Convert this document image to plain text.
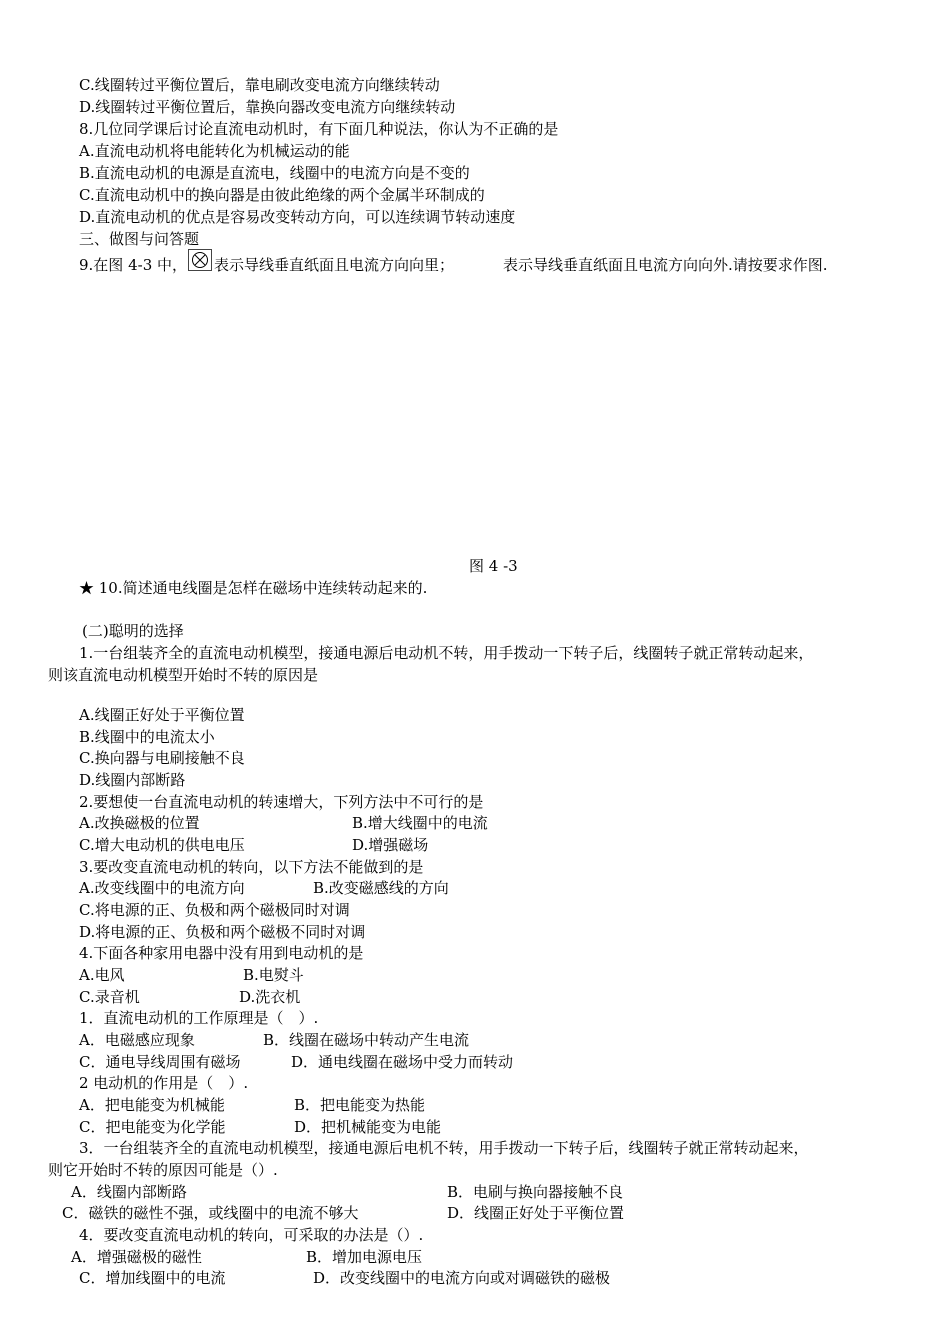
C.线圈转过平衡位置后，靠电刷改变电流方向继续转动
D.线圈转过平衡位置后，靠换向器改变电流方向继续转动
8.几位同学课后讨论直流电动机时，有下面几种说法，你认为不正确的是
A.直流电动机将电能转化为机械运动的能
B.直流电动机的电源是直流电，线圈中的电流方向是不变的
C.直流电动机中的换向器是由彼此绝缘的两个金属半环制成的
D.直流电动机的优点是容易改变转动方向，可以连续调节转动速度
三、做图与问答题
9.在图 4-3 中， 表示导线垂直纸面且电流方向向里；	表示导线垂直纸面且电流方向向外.请按要求作图.
图 4 -3
★ 10.简述通电线圈是怎样在磁场中连续转动起来的.
(二)聪明的选择
1.一台组装齐全的直流电动机模型，接通电源后电动机不转，用手拨动一下转子后，线圈转子就正常转动起来，
则该直流电动机模型开始时不转的原因是
A.线圈正好处于平衡位置
B.线圈中的电流太小
C.换向器与电刷接触不良
D.线圈内部断路
2.要想使一台直流电动机的转速增大，下列方法中不可行的是
A.改换磁极的位置	B.增大线圈中的电流
C.增大电动机的供电电压	D.增强磁场
3.要改变直流电动机的转向，以下方法不能做到的是
A.改变线圈中的电流方向	B.改变磁感线的方向
C.将电源的正、负极和两个磁极同时对调
D.将电源的正、负极和两个磁极不同时对调
4.下面各种家用电器中没有用到电动机的是
A.电风	B.电熨斗
C.录音机	D.洗衣机
1．直流电动机的工作原理是（　）.
A．电磁感应现象	B．线圈在磁场中转动产生电流
C．通电导线周围有磁场	D．通电线圈在磁场中受力而转动
2 电动机的作用是（　）.
A．把电能变为机械能	B．把电能变为热能
C．把电能变为化学能	D．把机械能变为电能
3．一台组装齐全的直流电动机模型，接通电源后电机不转，用手拨动一下转子后，线圈转子就正常转动起来，
则它开始时不转的原因可能是（）.
A．线圈内部断路	B．电刷与换向器接触不良
C．磁铁的磁性不强，或线圈中的电流不够大	D．线圈正好处于平衡位置
4．要改变直流电动机的转向，可采取的办法是（）.
A．增强磁极的磁性	B．增加电源电压
C．增加线圈中的电流	D．改变线圈中的电流方向或对调磁铁的磁极
